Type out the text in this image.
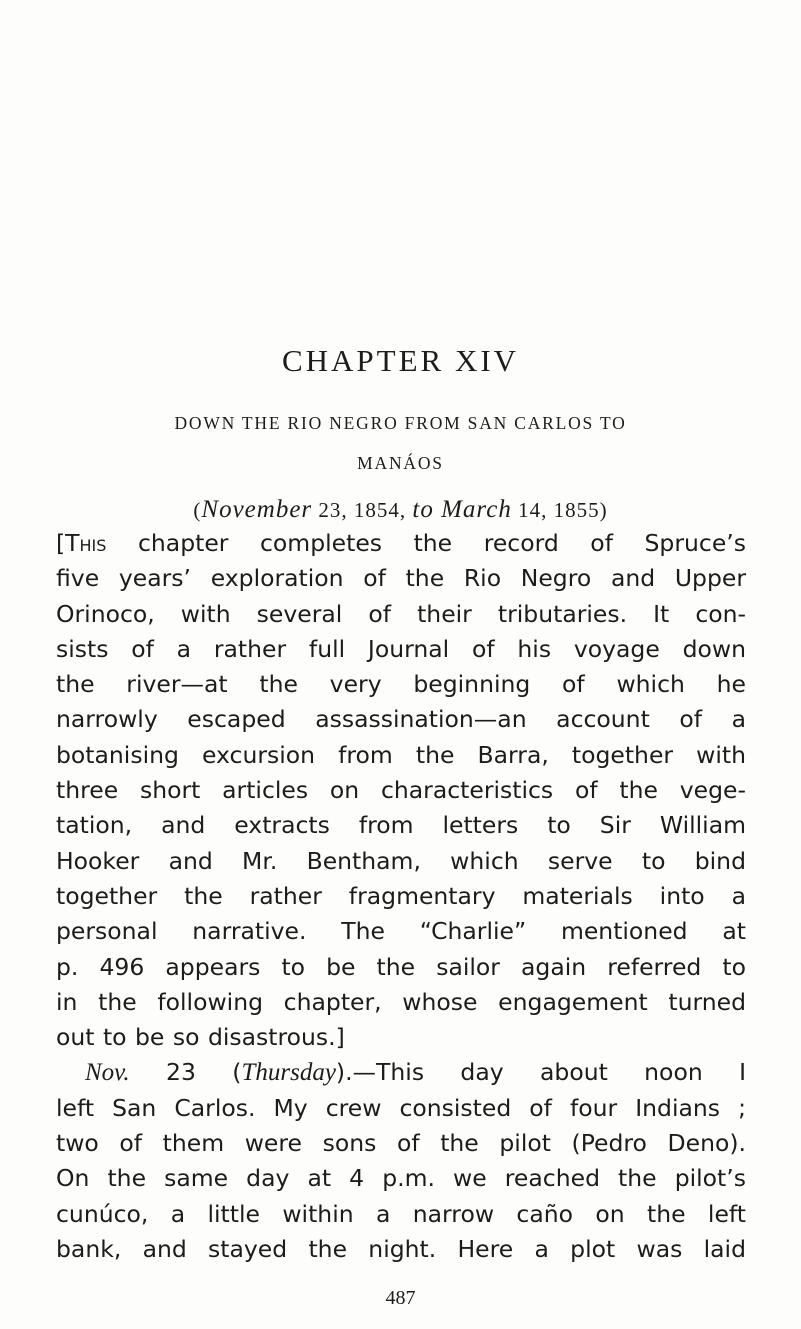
CHAPTER XIV
DOWN THE RIO NEGRO FROM SAN CARLOS TO
MANÁOS
(November 23, 1854, to March 14, 1855)
[This chapter completes the record of Spruce’s
five years’ exploration of the Rio Negro and Upper
Orinoco, with several of their tributaries. It con-
sists of a rather full Journal of his voyage down
the river—at the very beginning of which he
narrowly escaped assassination—an account of a
botanising excursion from the Barra, together with
three short articles on characteristics of the vege-
tation, and extracts from letters to Sir William
Hooker and Mr. Bentham, which serve to bind
together the rather fragmentary materials into a
personal narrative. The “Charlie” mentioned at
p. 496 appears to be the sailor again referred to
in the following chapter, whose engagement turned
out to be so disastrous.]
Nov. 23 (Thursday).—This day about noon I
left San Carlos. My crew consisted of four Indians ;
two of them were sons of the pilot (Pedro Deno).
On the same day at 4 p.m. we reached the pilot’s
cunúco, a little within a narrow caño on the left
bank, and stayed the night. Here a plot was laid
487
